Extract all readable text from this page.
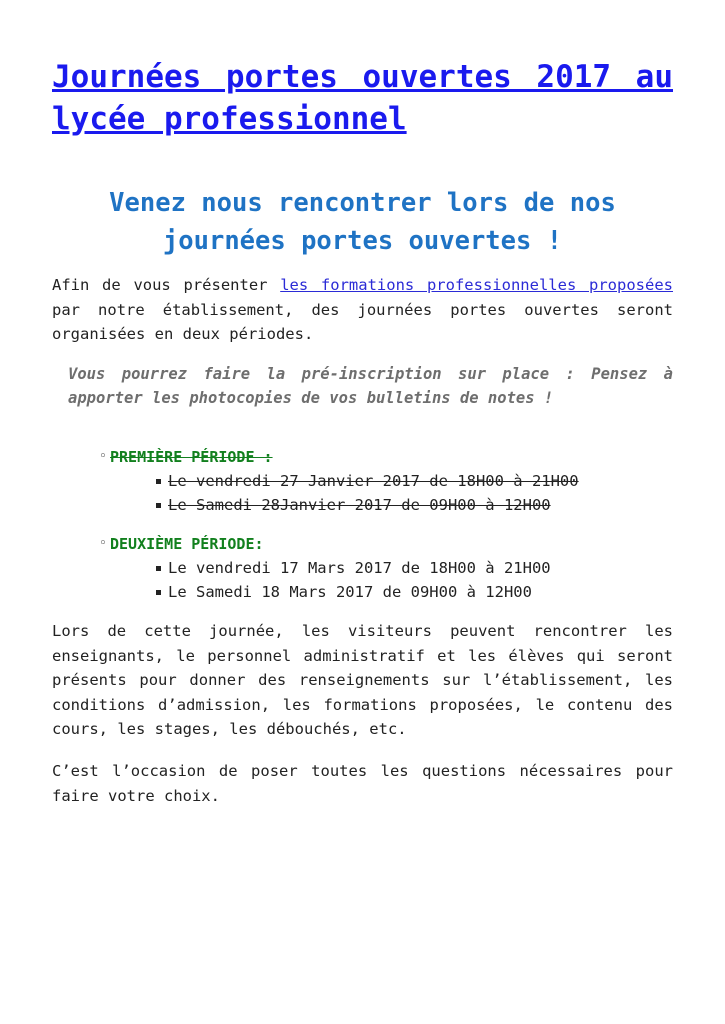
Journées portes ouvertes 2017 au lycée professionnel
Venez nous rencontrer lors de nos journées portes ouvertes !

Afin de vous présenter les formations professionnelles proposées par notre établissement, des journées portes ouvertes seront organisées en deux périodes.

Vous pourrez faire la pré-inscription sur place : Pensez à apporter les photocopies de vos bulletins de notes !

◦ PREMIÈRE PÉRIODE :
Le vendredi 27 Janvier 2017 de 18H00 à 21H00
Le Samedi 28Janvier 2017 de 09H00 à 12H00
◦ DEUXIÈME PÉRIODE:
Le vendredi 17 Mars 2017 de 18H00 à 21H00
Le Samedi 18 Mars 2017 de 09H00 à 12H00

Lors de cette journée, les visiteurs peuvent rencontrer les enseignants, le personnel administratif et les élèves qui seront présents pour donner des renseignements sur l’établissement, les conditions d’admission, les formations proposées, le contenu des cours, les stages, les débouchés, etc.

C’est l’occasion de poser toutes les questions nécessaires pour faire votre choix.
